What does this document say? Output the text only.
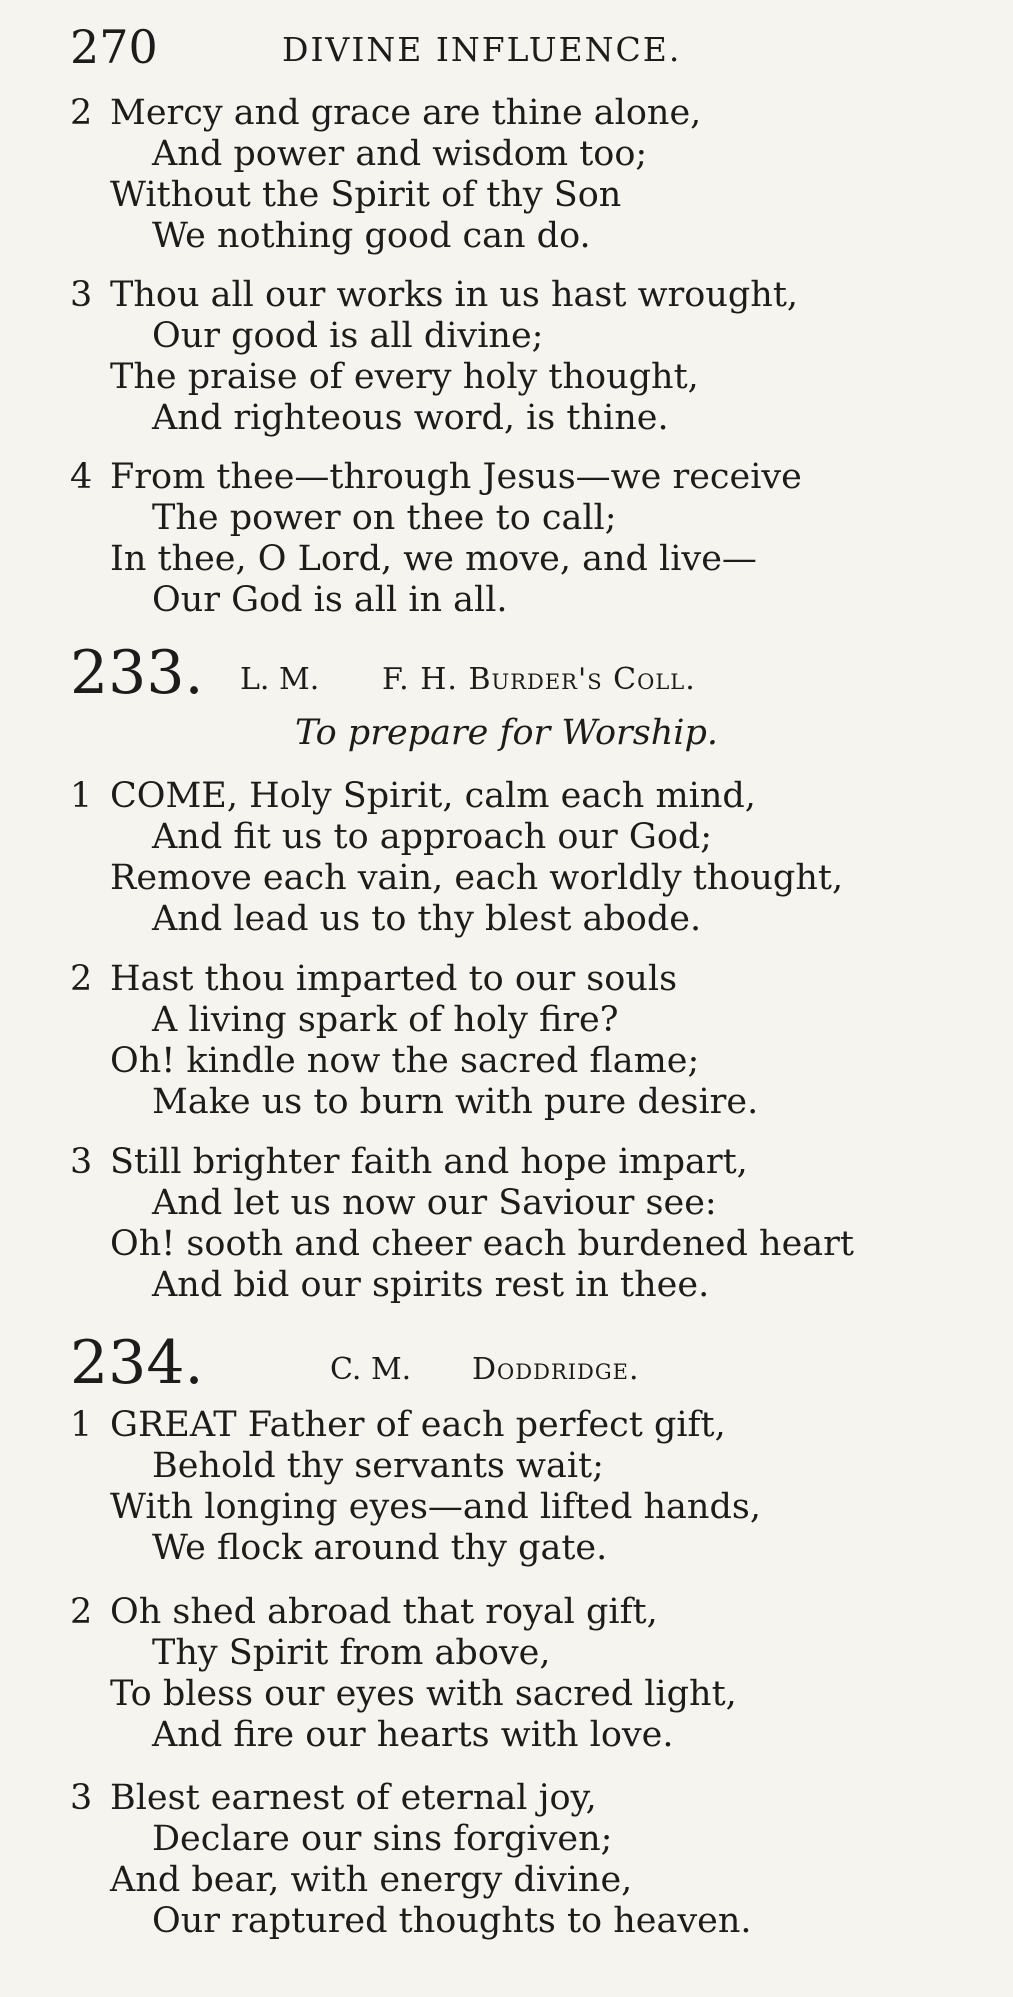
270	DIVINE INFLUENCE.
2 Mercy and grace are thine alone,
And power and wisdom too;
Without the Spirit of thy Son
We nothing good can do.
3 Thou all our works in us hast wrought,
Our good is all divine;
The praise of every holy thought,
And righteous word, is thine.
4 From thee—through Jesus—we receive
The power on thee to call;
In thee, O Lord, we move, and live—
Our God is all in all.
233. L. M. F. H. Burder's Coll.
To prepare for Worship.
1 COME, Holy Spirit, calm each mind,
And fit us to approach our God;
Remove each vain, each worldly thought,
And lead us to thy blest abode.
2 Hast thou imparted to our souls
A living spark of holy fire?
Oh! kindle now the sacred flame;
Make us to burn with pure desire.
3 Still brighter faith and hope impart,
And let us now our Saviour see:
Oh! sooth and cheer each burdened heart
And bid our spirits rest in thee.
234.	C. M. Doddridge.
1 GREAT Father of each perfect gift,
Behold thy servants wait;
With longing eyes—and lifted hands,
We flock around thy gate.
2 Oh shed abroad that royal gift,
Thy Spirit from above,
To bless our eyes with sacred light,
And fire our hearts with love.
3 Blest earnest of eternal joy,
Declare our sins forgiven;
And bear, with energy divine,
Our raptured thoughts to heaven.
